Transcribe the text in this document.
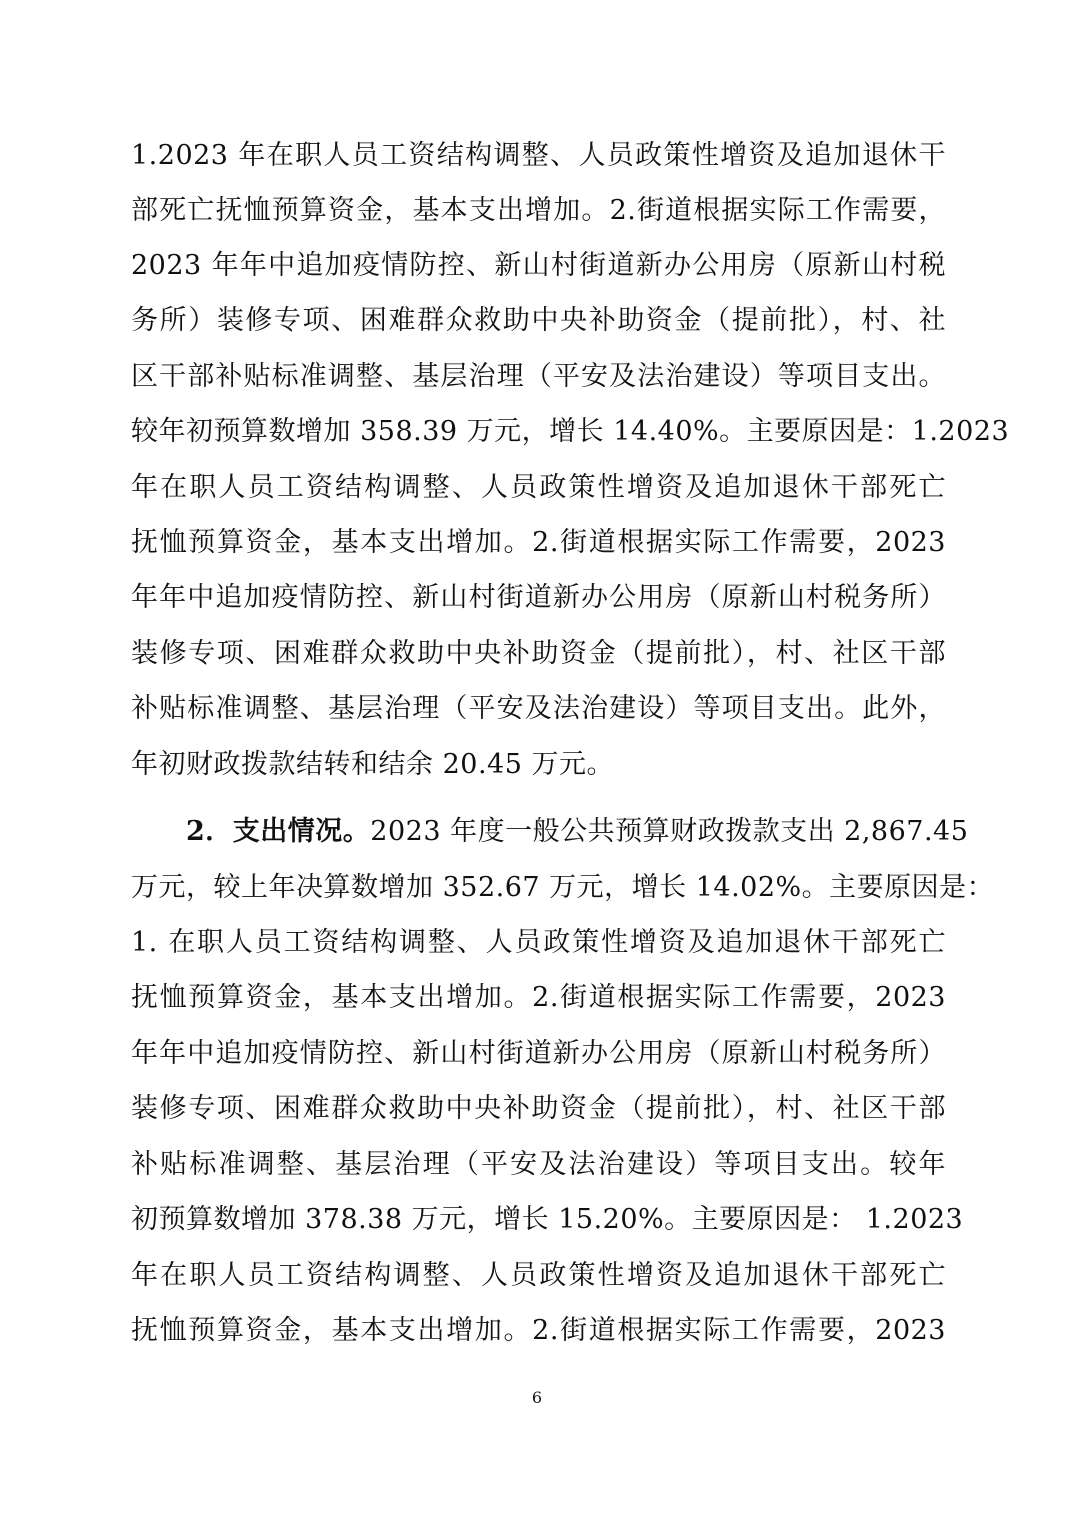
1.2023 年在职人员工资结构调整、人员政策性增资及追加退休干
部死亡抚恤预算资金，基本支出增加。2.街道根据实际工作需要，
2023 年年中追加疫情防控、新山村街道新办公用房（原新山村税
务所）装修专项、困难群众救助中央补助资金（提前批），村、社
区干部补贴标准调整、基层治理（平安及法治建设）等项目支出。
较年初预算数增加 358.39 万元，增长 14.40%。主要原因是：1.2023
年在职人员工资结构调整、人员政策性增资及追加退休干部死亡
抚恤预算资金，基本支出增加。2.街道根据实际工作需要，2023
年年中追加疫情防控、新山村街道新办公用房（原新山村税务所）
装修专项、困难群众救助中央补助资金（提前批），村、社区干部
补贴标准调整、基层治理（平安及法治建设）等项目支出。此外，
年初财政拨款结转和结余 20.45 万元。
2．支出情况。2023 年度一般公共预算财政拨款支出 2,867.45
万元，较上年决算数增加 352.67 万元，增长 14.02%。主要原因是：
1. 在职人员工资结构调整、人员政策性增资及追加退休干部死亡
抚恤预算资金，基本支出增加。2.街道根据实际工作需要，2023
年年中追加疫情防控、新山村街道新办公用房（原新山村税务所）
装修专项、困难群众救助中央补助资金（提前批），村、社区干部
补贴标准调整、基层治理（平安及法治建设）等项目支出。较年
初预算数增加 378.38 万元，增长 15.20%。主要原因是： 1.2023
年在职人员工资结构调整、人员政策性增资及追加退休干部死亡
抚恤预算资金，基本支出增加。2.街道根据实际工作需要，2023
6
